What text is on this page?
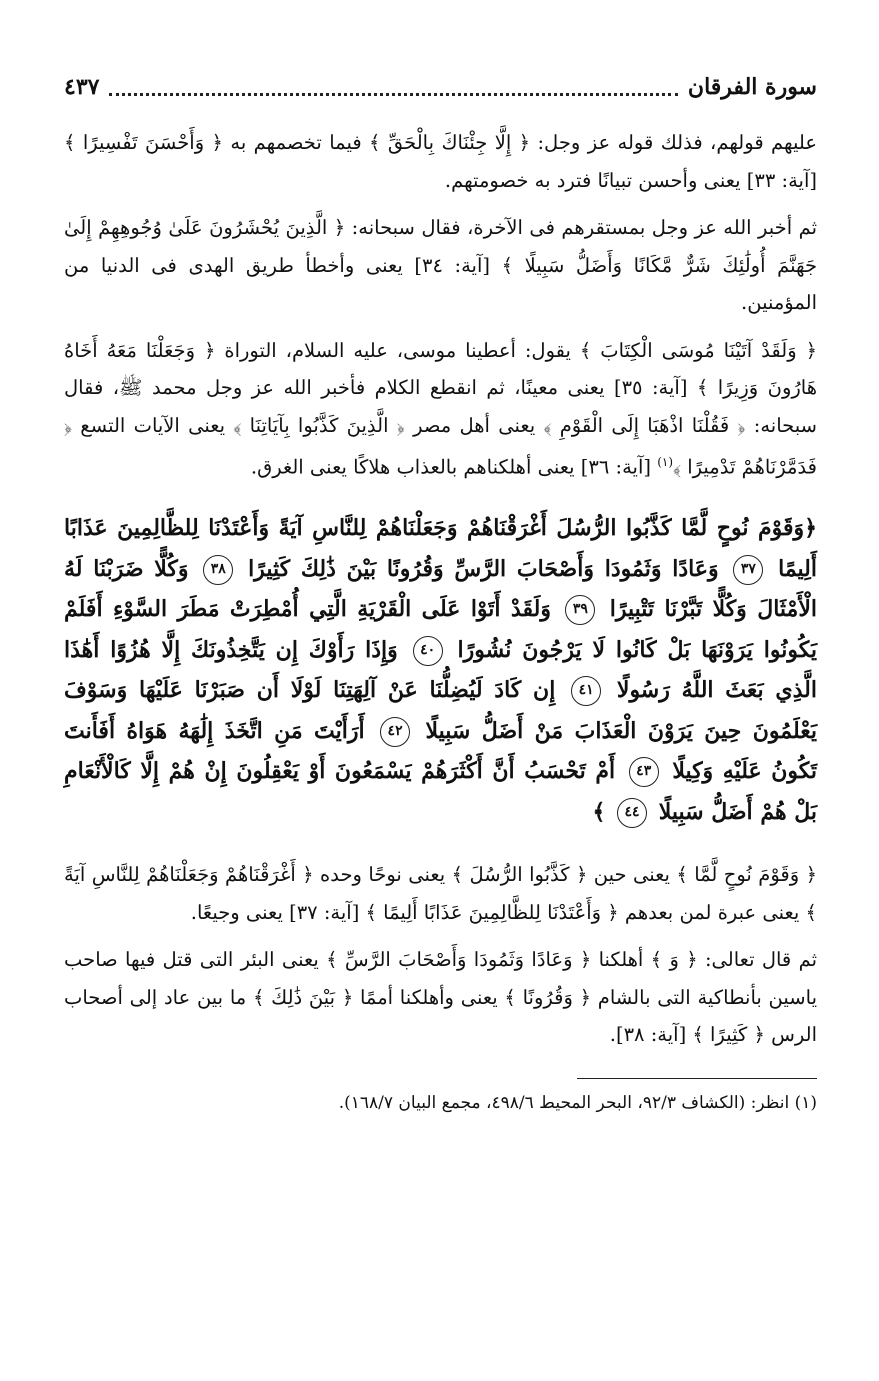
سورة الفرقان
٤٣٧

عليهم قولهم، فذلك قوله عز وجل: ﴿ إِلَّا جِئْنَاكَ بِالْحَقِّ ﴾ فيما تخصمهم به ﴿ وَأَحْسَنَ تَفْسِيرًا ﴾ [آية: ٣٣] يعنى وأحسن تبيانًا فترد به خصومتهم.

ثم أخبر الله عز وجل بمستقرهم فى الآخرة، فقال سبحانه: ﴿ الَّذِينَ يُحْشَرُونَ عَلَىٰ وُجُوهِهِمْ إِلَىٰ جَهَنَّمَ أُولَٰئِكَ شَرٌّ مَّكَانًا وَأَضَلُّ سَبِيلًا ﴾ [آية: ٣٤] يعنى وأخطأ طريق الهدى فى الدنيا من المؤمنين.

﴿ وَلَقَدْ آتَيْنَا مُوسَى الْكِتَابَ ﴾ يقول: أعطينا موسى، عليه السلام، التوراة ﴿ وَجَعَلْنَا مَعَهُ أَخَاهُ هَارُونَ وَزِيرًا ﴾ [آية: ٣٥] يعنى معينًا، ثم انقطع الكلام فأخبر الله عز وجل محمد ﷺ، فقال سبحانه: ﴿ فَقُلْنَا اذْهَبَا إِلَى الْقَوْمِ ﴾ يعنى أهل مصر ﴿ الَّذِينَ كَذَّبُوا بِآيَاتِنَا ﴾ يعنى الآيات التسع ﴿ فَدَمَّرْنَاهُمْ تَدْمِيرًا ﴾$^{(١)}$ [آية: ٣٦] يعنى أهلكناهم بالعذاب هلاكًا يعنى الغرق.

﴿وَقَوْمَ نُوحٍ لَّمَّا كَذَّبُوا الرُّسُلَ أَغْرَقْنَاهُمْ وَجَعَلْنَاهُمْ لِلنَّاسِ آيَةً وَأَعْتَدْنَا لِلظَّالِمِينَ عَذَابًا أَلِيمًا ٣٧ وَعَادًا وَثَمُودَا وَأَصْحَابَ الرَّسِّ وَقُرُونًا بَيْنَ ذَٰلِكَ كَثِيرًا ٣٨ وَكُلًّا ضَرَبْنَا لَهُ الْأَمْثَالَ وَكُلًّا تَبَّرْنَا تَتْبِيرًا ٣٩ وَلَقَدْ أَتَوْا عَلَى الْقَرْيَةِ الَّتِي أُمْطِرَتْ مَطَرَ السَّوْءِ أَفَلَمْ يَكُونُوا يَرَوْنَهَا بَلْ كَانُوا لَا يَرْجُونَ نُشُورًا ٤٠ وَإِذَا رَأَوْكَ إِن يَتَّخِذُونَكَ إِلَّا هُزُوًا أَهَٰذَا الَّذِي بَعَثَ اللَّهُ رَسُولًا ٤١ إِن كَادَ لَيُضِلُّنَا عَنْ آلِهَتِنَا لَوْلَا أَن صَبَرْنَا عَلَيْهَا وَسَوْفَ يَعْلَمُونَ حِينَ يَرَوْنَ الْعَذَابَ مَنْ أَضَلُّ سَبِيلًا ٤٢ أَرَأَيْتَ مَنِ اتَّخَذَ إِلَٰهَهُ هَوَاهُ أَفَأَنتَ تَكُونُ عَلَيْهِ وَكِيلًا ٤٣ أَمْ تَحْسَبُ أَنَّ أَكْثَرَهُمْ يَسْمَعُونَ أَوْ يَعْقِلُونَ إِنْ هُمْ إِلَّا كَالْأَنْعَامِ بَلْ هُمْ أَضَلُّ سَبِيلًا ٤٤ ﴾

﴿ وَقَوْمَ نُوحٍ لَّمَّا ﴾ يعنى حين ﴿ كَذَّبُوا الرُّسُلَ ﴾ يعنى نوحًا وحده ﴿ أَغْرَقْنَاهُمْ وَجَعَلْنَاهُمْ لِلنَّاسِ آيَةً ﴾ يعنى عبرة لمن بعدهم ﴿ وَأَعْتَدْنَا لِلظَّالِمِينَ عَذَابًا أَلِيمًا ﴾ [آية: ٣٧] يعنى وجيعًا.

ثم قال تعالى: ﴿ وَ ﴾ أهلكنا ﴿ وَعَادًا وَثَمُودَا وَأَصْحَابَ الرَّسِّ ﴾ يعنى البئر التى قتل فيها صاحب ياسين بأنطاكية التى بالشام ﴿ وَقُرُونًا ﴾ يعنى وأهلكنا أممًا ﴿ بَيْنَ ذَٰلِكَ ﴾ ما بين عاد إلى أصحاب الرس ﴿ كَثِيرًا ﴾ [آية: ٣٨].

(١) انظر: (الكشاف ٩٢/٣، البحر المحيط ٤٩٨/٦، مجمع البيان ١٦٨/٧).
